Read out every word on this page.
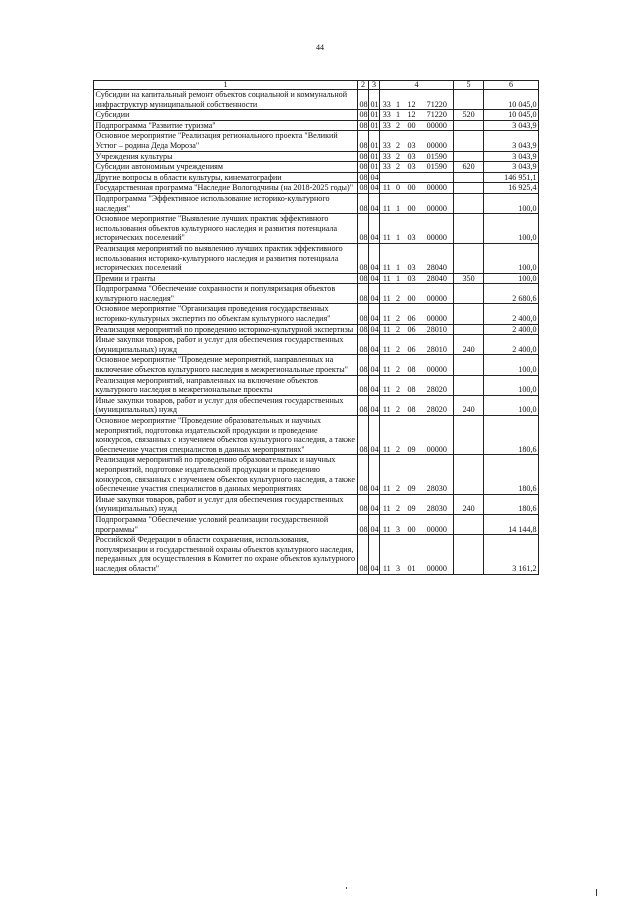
44
1	2	3	4				5	6
Субсидии на капитальный ремонт объектов социальной и коммунальной инфраструктур муниципальной собственности	08	01	33	1	12	71220		10 045,0
Субсидии	08	01	33	1	12	71220	520	10 045,0
Подпрограмма "Развитие туризма"	08	01	33	2	00	00000		3 043,9
Основное мероприятие "Реализация регионального проекта "Великий Устюг – родина Деда Мороза"	08	01	33	2	03	00000		3 043,9
Учреждения культуры	08	01	33	2	03	01590		3 043,9
Субсидии автономным учреждениям	08	01	33	2	03	01590	620	3 043,9
Другие вопросы в области культуры, кинематографии	08	04						146 951,1
Государственная программа "Наследие Вологодчины (на 2018-2025 годы)"	08	04	11	0	00	00000		16 925,4
Подпрограмма "Эффективное использование историко-культурного наследия"	08	04	11	1	00	00000		100,0
Основное мероприятие "Выявление лучших практик эффективного использования объектов культурного наследия и развития потенциала исторических поселений"	08	04	11	1	03	00000		100,0
Реализация мероприятий по выявлению лучших практик эффективного использования историко-культурного наследия и развития потенциала исторических поселений	08	04	11	1	03	28040		100,0
Премии и гранты	08	04	11	1	03	28040	350	100,0
Подпрограмма "Обеспечение сохранности и популяризация объектов культурного наследия"	08	04	11	2	00	00000		2 680,6
Основное мероприятие "Организация проведения государственных историко-культурных экспертиз по объектам культурного наследия"	08	04	11	2	06	00000		2 400,0
Реализация мероприятий по проведению историко-культурной экспертизы	08	04	11	2	06	28010		2 400,0
Иные закупки товаров, работ и услуг для обеспечения государственных (муниципальных) нужд	08	04	11	2	06	28010	240	2 400,0
Основное мероприятие "Проведение мероприятий, направленных на включение объектов культурного наследия в межрегиональные проекты"	08	04	11	2	08	00000		100,0
Реализация мероприятий, направленных на включение объектов культурного наследия в межрегиональные проекты	08	04	11	2	08	28020		100,0
Иные закупки товаров, работ и услуг для обеспечения государственных (муниципальных) нужд	08	04	11	2	08	28020	240	100,0
Основное мероприятие "Проведение образовательных и научных мероприятий, подготовка издательской продукции и проведение конкурсов, связанных с изучением объектов культурного наследия, а также обеспечение участия специалистов в данных мероприятиях"	08	04	11	2	09	00000		180,6
Реализация мероприятий по проведению образовательных и научных мероприятий, подготовке издательской продукции и проведению конкурсов, связанных с изучением объектов культурного наследия, а также обеспечение участия специалистов в данных мероприятиях	08	04	11	2	09	28030		180,6
Иные закупки товаров, работ и услуг для обеспечения государственных (муниципальных) нужд	08	04	11	2	09	28030	240	180,6
Подпрограмма "Обеспечение условий реализации государственной программы"	08	04	11	3	00	00000		14 144,8
Российской Федерации в области сохранения, использования, популяризации и государственной охраны объектов культурного наследия, переданных для осуществления в Комитет по охране объектов культурного наследия области"	08	04	11	3	01	00000		3 161,2
